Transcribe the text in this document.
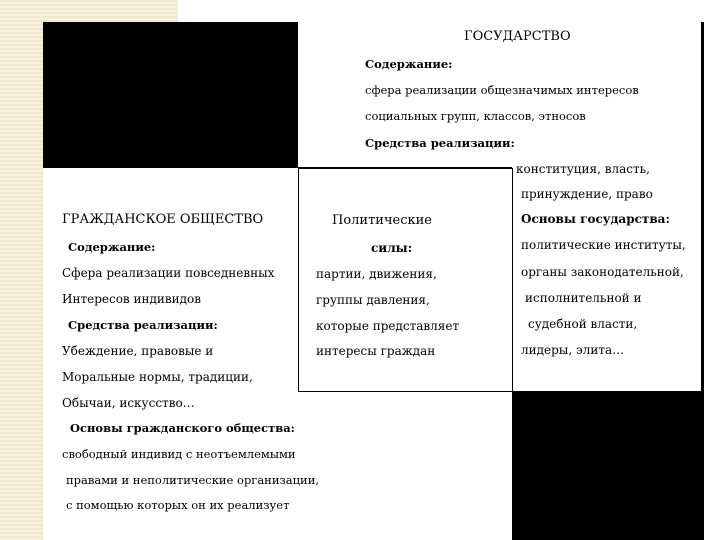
ГОСУДАРСТВО
Содержание:
сфера реализации общезначимых интересов
социальных групп, классов, этносов
Средства реализации:
конституция, власть,
принуждение, право
Основы государства:
политические институты,
органы законодательной,
исполнительной и
судебной власти,
лидеры, элита…
Политические
силы:
партии, движения,
группы давления,
которые представляет
интересы граждан
ГРАЖДАНСКОЕ ОБЩЕСТВО
Содержание:
Сфера реализации повседневных
Интересов индивидов
Средства реализации:
Убеждение, правовые и
Моральные нормы, традиции,
Обычаи, искусство…
Основы гражданского общества:
свободный индивид с неотъемлемыми
правами и неполитические организации,
с помощью которых он их реализует
